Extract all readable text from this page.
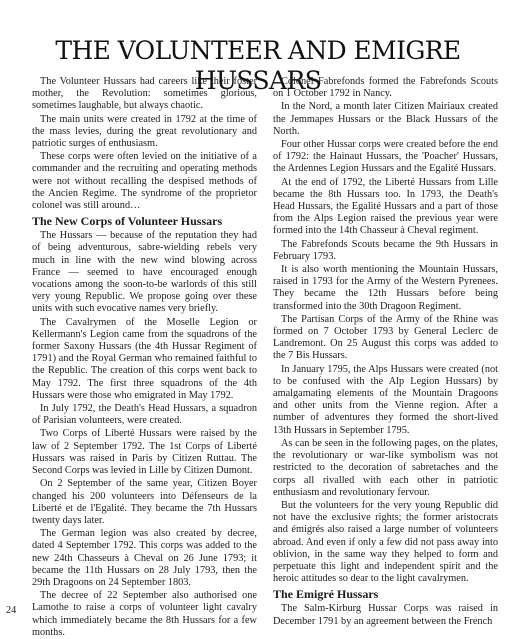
THE VOLUNTEER AND EMIGRE HUSSARS

The Volunteer Hussars had careers like their foster mother, the Revolution: sometimes glorious, sometimes laughable, but always chaotic.

The main units were created in 1792 at the time of the mass levies, during the great revolutionary and patriotic surges of enthusiasm.

These corps were often levied on the initiative of a commander and the recruiting and operating methods were not without recalling the despised methods of the Ancien Regime. The syndrome of the proprietor colonel was still around…

The New Corps of Volunteer Hussars

The Hussars — because of the reputation they had of being adventurous, sabre-wielding rebels very much in line with the new wind blowing across France — seemed to have encouraged enough vocations among the soon-to-be warlords of this still very young Republic. We propose going over these units with such evocative names very briefly.

The Cavalrymen of the Moselle Legion or Kellermann's Legion came from the squadrons of the former Saxony Hussars (the 4th Hussar Regiment of 1791) and the Royal German who remained faithful to the Republic. The creation of this corps went back to May 1792. The first three squadrons of the 4th Hussars were those who emigrated in May 1792.

In July 1792, the Death's Head Hussars, a squadron of Parisian volunteers, were created.

Two Corps of Liberté Hussars were raised by the law of 2 September 1792. The 1st Corps of Liberté Hussars was raised in Paris by Citizen Ruttau. The Second Corps was levied in Lille by Citizen Dumont.

On 2 September of the same year, Citizen Boyer changed his 200 volunteers into Défenseurs de la Liberté et de l'Egalité. They became the 7th Hussars twenty days later.

The German legion was also created by decree, dated 4 September 1792. This corps was added to the new 24th Chasseurs à Cheval on 26 June 1793; it became the 11th Hussars on 28 July 1793, then the 29th Dragoons on 24 September 1803.

The decree of 22 September also authorised one Lamothe to raise a corps of volunteer light cavalry which immediately became the 8th Hussars for a few months.

Colonel Fabrefonds formed the Fabrefonds Scouts on 1 October 1792 in Nancy.

In the Nord, a month later Citizen Mairiaux created the Jemmapes Hussars or the Black Hussars of the North.

Four other Hussar corps were created before the end of 1792: the Hainaut Hussars, the 'Poacher' Hussars, the Ardennes Legion Hussars and the Egalité Hussars.

At the end of 1792, the Liberté Hussars from Lille became the 8th Hussars too. In 1793, the Death's Head Hussars, the Egalité Hussars and a part of those from the Alps Legion raised the previous year were formed into the 14th Chasseur à Cheval regiment.

The Fabrefonds Scouts became the 9th Hussars in February 1793.

It is also worth mentioning the Mountain Hussars, raised in 1793 for the Army of the Western Pyrenees. They became the 12th Hussars before being transformed into the 30th Dragoon Regiment.

The Partisan Corps of the Army of the Rhine was formed on 7 October 1793 by General Leclerc de Landremont. On 25 August this corps was added to the 7 Bis Hussars.

In January 1795, the Alps Hussars were created (not to be confused with the Alp Legion Hussars) by amalgamating elements of the Mountain Dragoons and other units from the Vienne region. After a number of adventures they formed the short-lived 13th Hussars in September 1795.

As can be seen in the following pages, on the plates, the revolutionary or war-like symbolism was not restricted to the decoration of sabretaches and the corps all rivalled with each other in patriotic enthusiasm and revolutionary fervour.

But the volunteers for the very young Republic did not have the exclusive rights; the former aristocrats and émigrés also raised a large number of volunteers abroad. And even if only a few did not pass away into oblivion, in the same way they helped to form and perpetuate this light and independent spirit and the heroic attitudes so dear to the light cavalrymen.

The Emigré Hussars

The Salm-Kirburg Hussar Corps was raised in December 1791 by an agreement between the French

24
